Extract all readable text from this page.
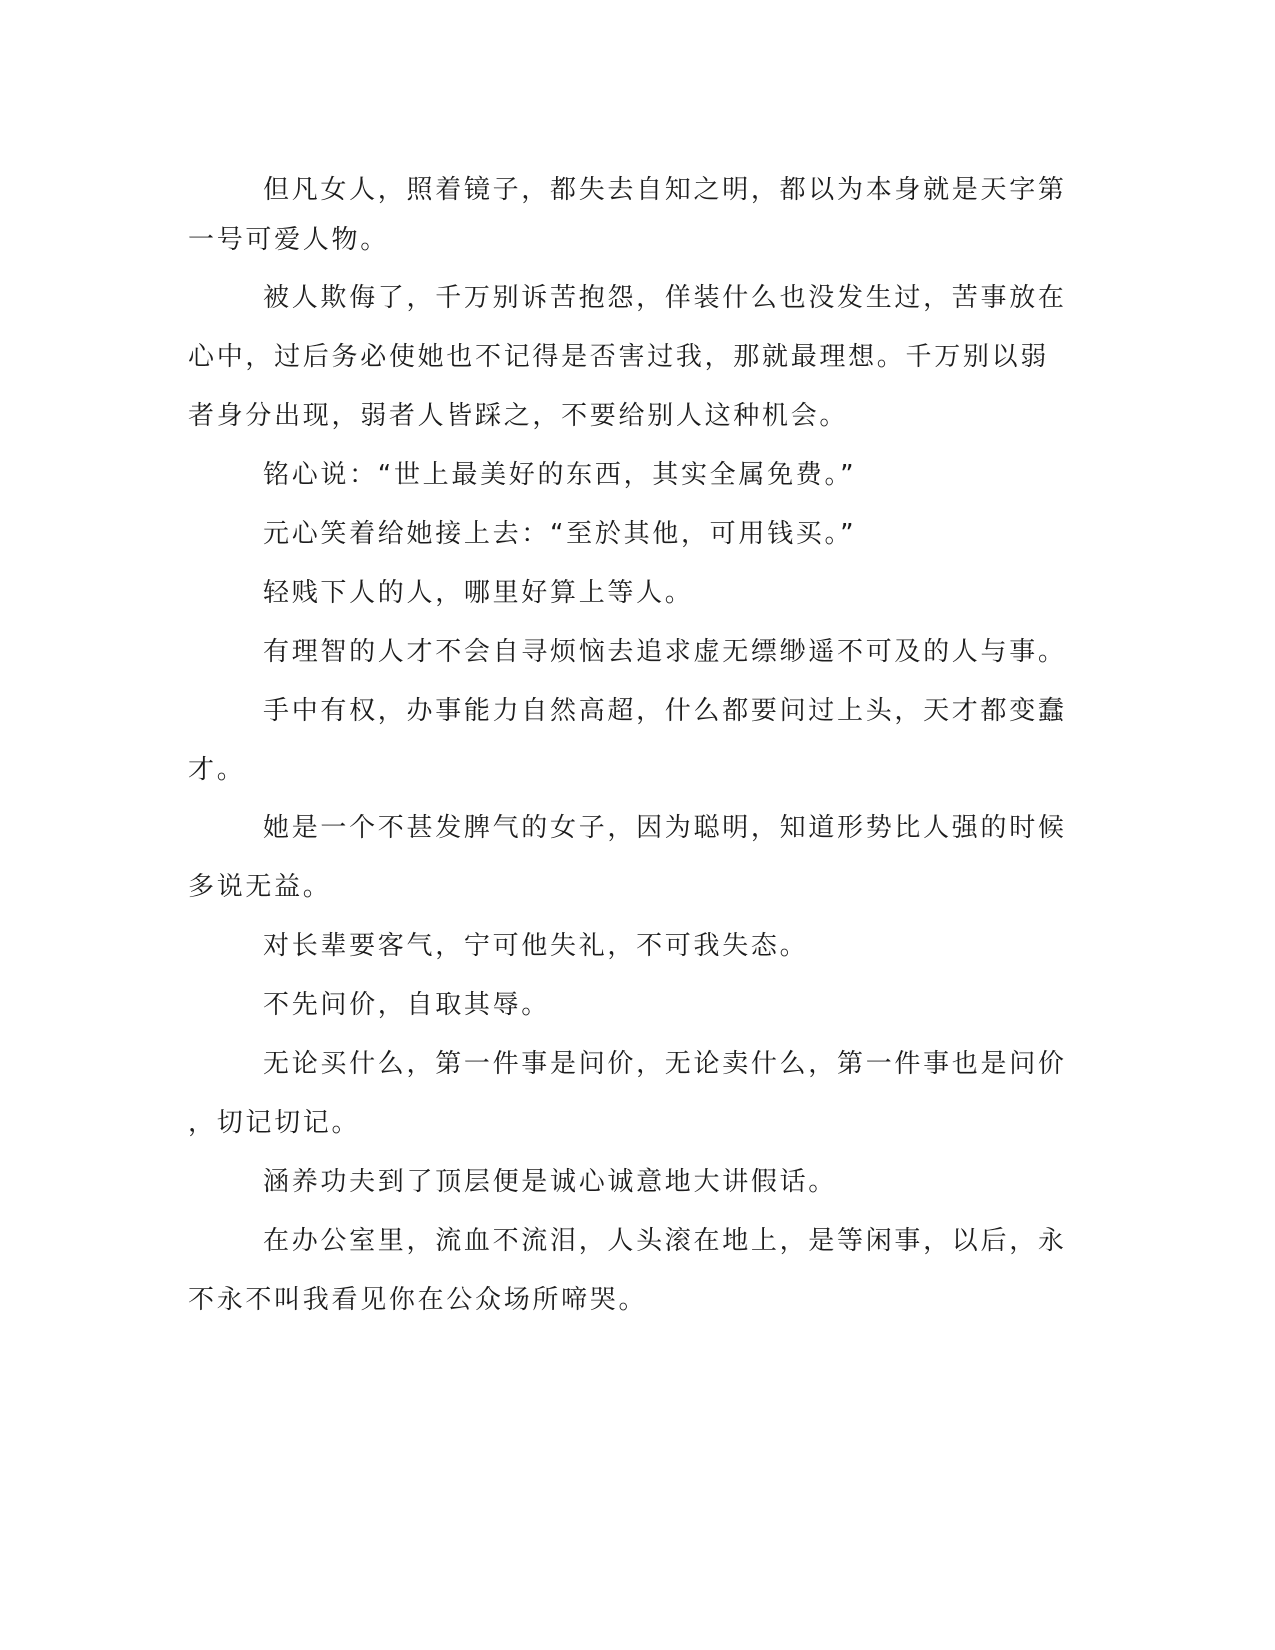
但凡女人，照着镜子，都失去自知之明，都以为本身就是天字第

一号可爱人物。

被人欺侮了，千万别诉苦抱怨，佯装什么也没发生过，苦事放在

心中，过后务必使她也不记得是否害过我，那就最理想。千万别以弱

者身分出现，弱者人皆踩之，不要给别人这种机会。

铭心说：“世上最美好的东西，其实全属免费。”

元心笑着给她接上去：“至於其他，可用钱买。”

轻贱下人的人，哪里好算上等人。

有理智的人才不会自寻烦恼去追求虚无缥缈遥不可及的人与事。

手中有权，办事能力自然高超，什么都要问过上头，天才都变蠢

才。

她是一个不甚发脾气的女子，因为聪明，知道形势比人强的时候

多说无益。

对长辈要客气，宁可他失礼，不可我失态。

不先问价，自取其辱。

无论买什么，第一件事是问价，无论卖什么，第一件事也是问价

，切记切记。

涵养功夫到了顶层便是诚心诚意地大讲假话。

在办公室里，流血不流泪，人头滚在地上，是等闲事，以后，永

不永不叫我看见你在公众场所啼哭。
